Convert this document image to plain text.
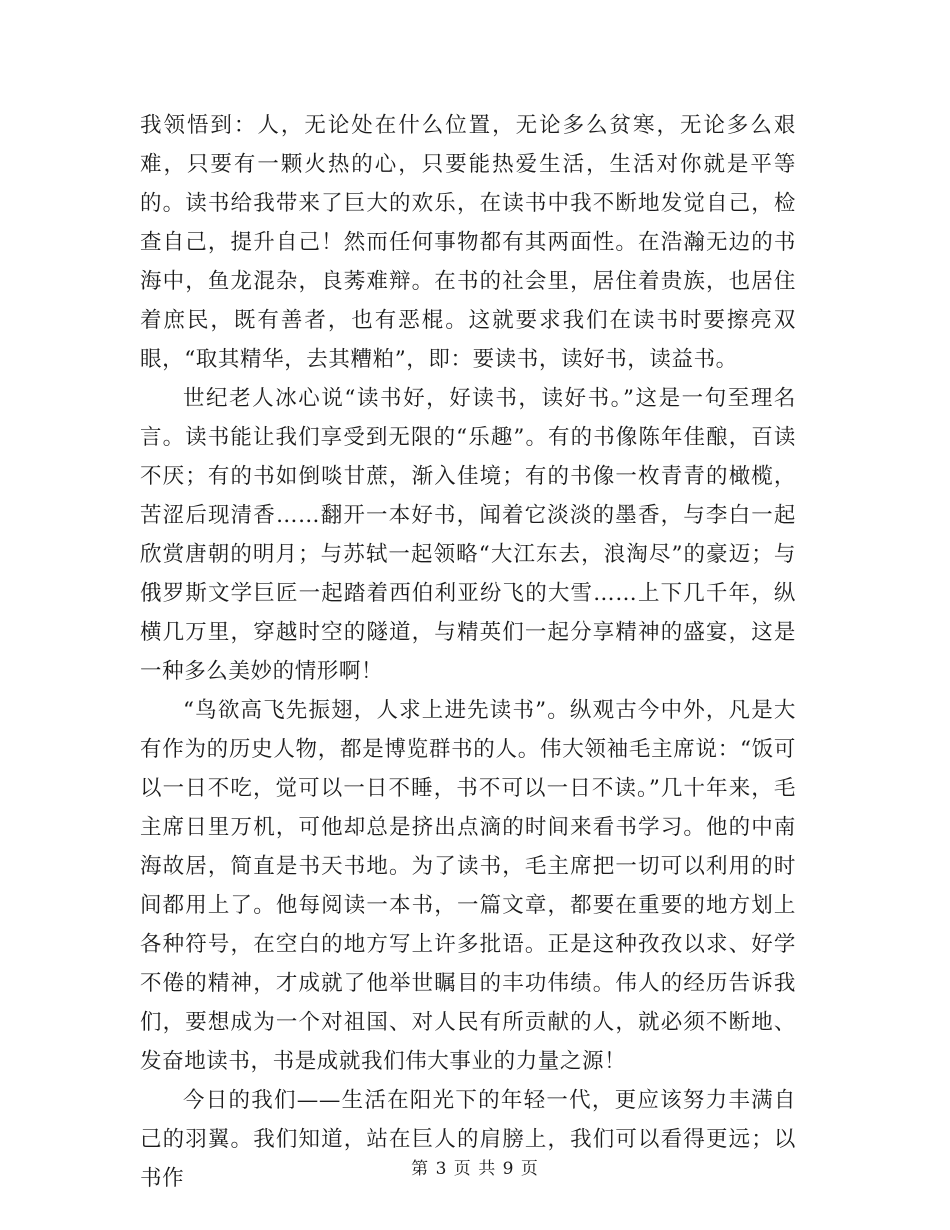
我领悟到：人，无论处在什么位置，无论多么贫寒，无论多么艰难，只要有一颗火热的心，只要能热爱生活，生活对你就是平等的。读书给我带来了巨大的欢乐，在读书中我不断地发觉自己，检查自己，提升自己！然而任何事物都有其两面性。在浩瀚无边的书海中，鱼龙混杂，良莠难辩。在书的社会里，居住着贵族，也居住着庶民，既有善者，也有恶棍。这就要求我们在读书时要擦亮双眼，“取其精华，去其糟粕”，即：要读书，读好书，读益书。

世纪老人冰心说“读书好，好读书，读好书。”这是一句至理名言。读书能让我们享受到无限的“乐趣”。有的书像陈年佳酿，百读不厌；有的书如倒啖甘蔗，渐入佳境；有的书像一枚青青的橄榄，苦涩后现清香……翻开一本好书，闻着它淡淡的墨香，与李白一起欣赏唐朝的明月；与苏轼一起领略“大江东去，浪淘尽”的豪迈；与俄罗斯文学巨匠一起踏着西伯利亚纷飞的大雪……上下几千年，纵横几万里，穿越时空的隧道，与精英们一起分享精神的盛宴，这是一种多么美妙的情形啊！

“鸟欲高飞先振翅，人求上进先读书”。纵观古今中外，凡是大有作为的历史人物，都是博览群书的人。伟大领袖毛主席说：“饭可以一日不吃，觉可以一日不睡，书不可以一日不读。”几十年来，毛主席日里万机，可他却总是挤出点滴的时间来看书学习。他的中南海故居，简直是书天书地。为了读书，毛主席把一切可以利用的时间都用上了。他每阅读一本书，一篇文章，都要在重要的地方划上各种符号，在空白的地方写上许多批语。正是这种孜孜以求、好学不倦的精神，才成就了他举世瞩目的丰功伟绩。伟人的经历告诉我们，要想成为一个对祖国、对人民有所贡献的人，就必须不断地、发奋地读书，书是成就我们伟大事业的力量之源！

今日的我们——生活在阳光下的年轻一代，更应该努力丰满自己的羽翼。我们知道，站在巨人的肩膀上，我们可以看得更远；以书作	第 3 页 共 9 页
